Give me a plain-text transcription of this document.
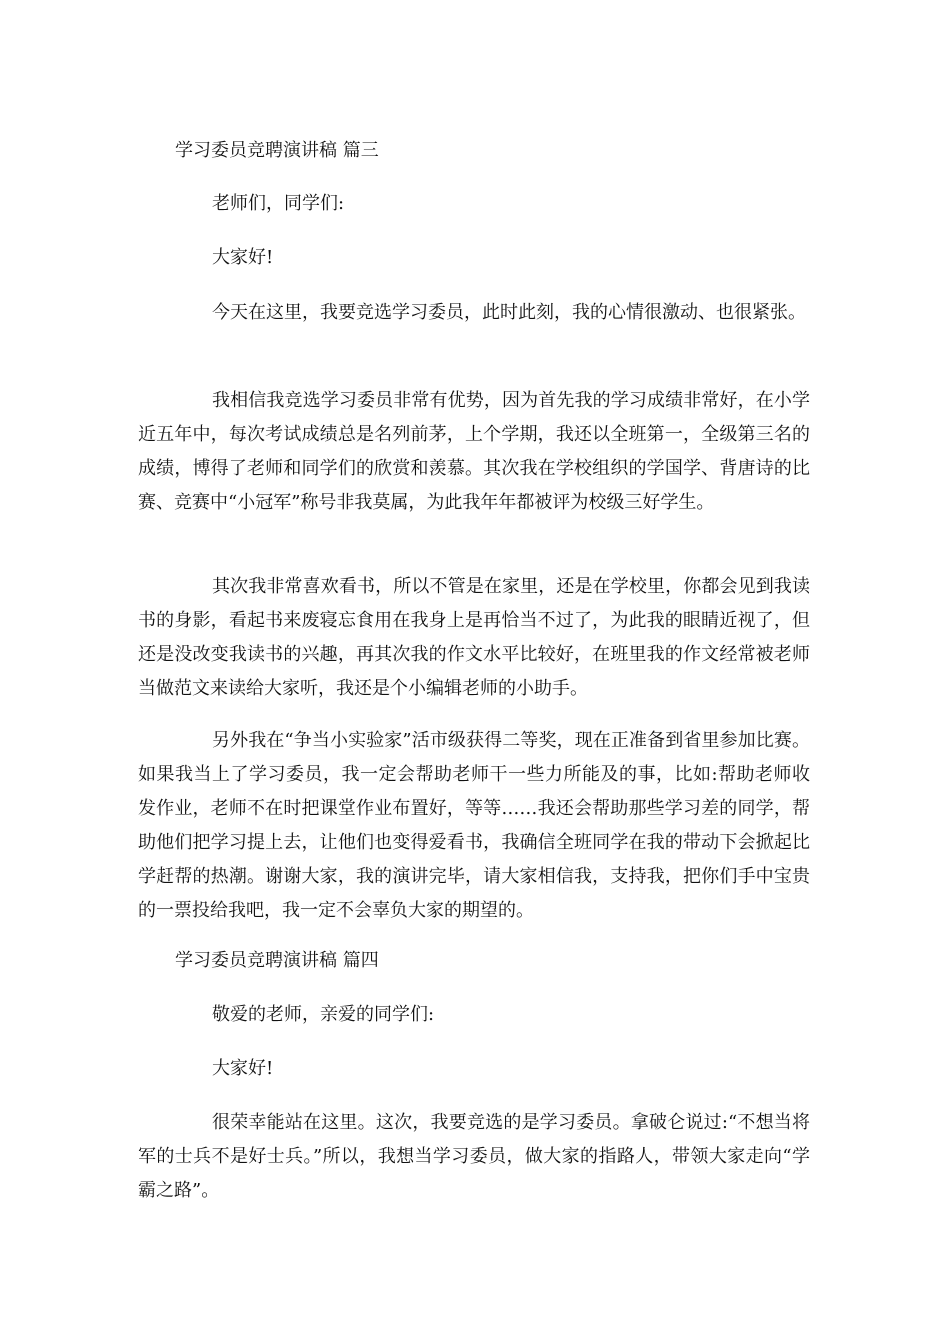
学习委员竞聘演讲稿 篇三

老师们，同学们:

大家好!

今天在这里，我要竞选学习委员，此时此刻，我的心情很激动、也很紧张。

我相信我竞选学习委员非常有优势，因为首先我的学习成绩非常好，在小学近五年中，每次考试成绩总是名列前茅，上个学期，我还以全班第一，全级第三名的成绩，博得了老师和同学们的欣赏和羡慕。其次我在学校组织的学国学、背唐诗的比赛、竞赛中“小冠军”称号非我莫属，为此我年年都被评为校级三好学生。

其次我非常喜欢看书，所以不管是在家里，还是在学校里，你都会见到我读书的身影，看起书来废寝忘食用在我身上是再恰当不过了，为此我的眼睛近视了，但还是没改变我读书的兴趣，再其次我的作文水平比较好，在班里我的作文经常被老师当做范文来读给大家听，我还是个小编辑老师的小助手。

另外我在“争当小实验家”活市级获得二等奖，现在正准备到省里参加比赛。如果我当上了学习委员，我一定会帮助老师干一些力所能及的事，比如:帮助老师收发作业，老师不在时把课堂作业布置好，等等……我还会帮助那些学习差的同学，帮助他们把学习提上去，让他们也变得爱看书，我确信全班同学在我的带动下会掀起比学赶帮的热潮。谢谢大家，我的演讲完毕，请大家相信我，支持我，把你们手中宝贵的一票投给我吧，我一定不会辜负大家的期望的。

学习委员竞聘演讲稿 篇四

敬爱的老师，亲爱的同学们:

大家好!

很荣幸能站在这里。这次，我要竞选的是学习委员。拿破仑说过:“不想当将军的士兵不是好士兵。”所以，我想当学习委员，做大家的指路人，带领大家走向“学霸之路”。
